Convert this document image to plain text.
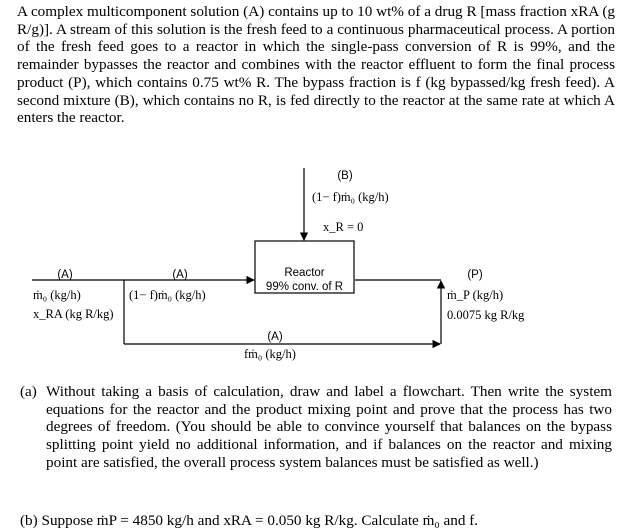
A complex multicomponent solution (A) contains up to 10 wt% of a drug R [mass fraction xRA (g R/g)]. A stream of this solution is the fresh feed to a continuous pharmaceutical process. A portion of the fresh feed goes to a reactor in which the single-pass conversion of R is 99%, and the remainder bypasses the reactor and combines with the reactor effluent to form the final process product (P), which contains 0.75 wt% R. The bypass fraction is f (kg bypassed/kg fresh feed). A second mixture (B), which contains no R, is fed directly to the reactor at the same rate at which A enters the reactor.

(B)
(1− f)ṁ₀ (kg/h)
x_R = 0
Reactor
99% conv. of R
(A)
ṁ₀ (kg/h)
x_RA (kg R/kg)
(A)
(1− f)ṁ₀ (kg/h)
(A)
fṁ₀ (kg/h)
(P)
ṁ_P (kg/h)
0.0075 kg R/kg
(a) Without taking a basis of calculation, draw and label a flowchart. Then write the system equations for the reactor and the product mixing point and prove that the process has two degrees of freedom. (You should be able to convince yourself that balances on the bypass splitting point yield no additional information, and if balances on the reactor and mixing point are satisfied, the overall process system balances must be satisfied as well.)
(b) Suppose ṁP = 4850 kg/h and xRA = 0.050 kg R/kg. Calculate ṁ₀ and f.
